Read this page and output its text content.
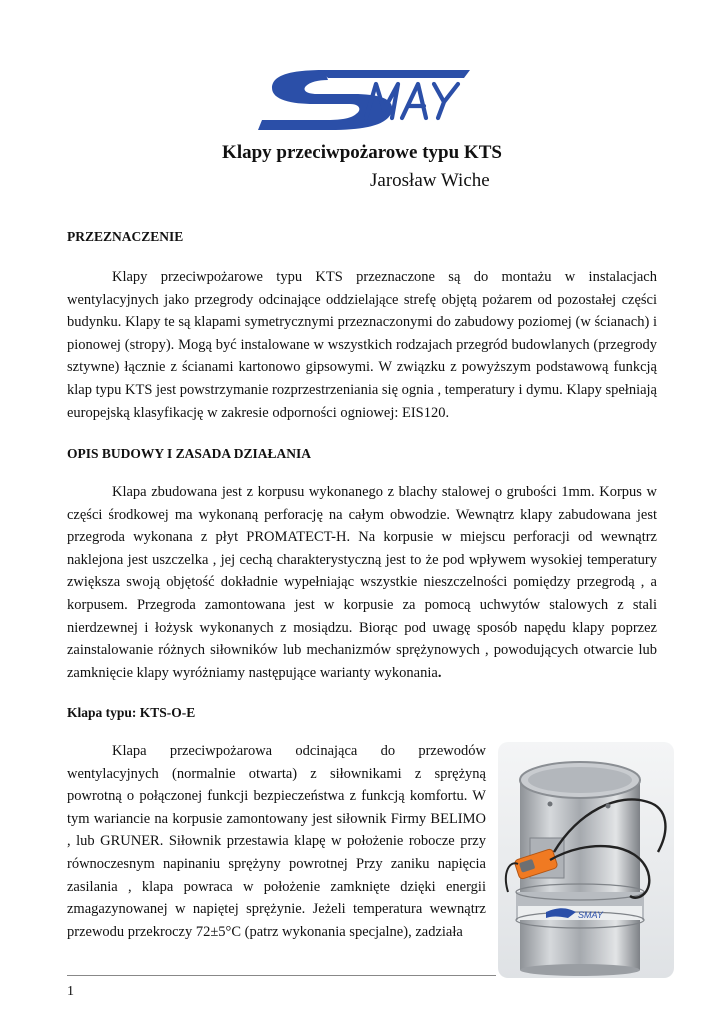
Klapy przeciwpożarowe typu KTS
Jarosław Wiche
PRZEZNACZENIE

Klapy przeciwpożarowe typu KTS przeznaczone są do montażu w instalacjach wentylacyjnych jako przegrody odcinające oddzielające strefę objętą pożarem od pozostałej części budynku. Klapy te są klapami symetrycznymi przeznaczonymi do zabudowy poziomej (w ścianach) i pionowej (stropy). Mogą być instalowane w wszystkich rodzajach przegród budowlanych (przegrody sztywne) łącznie z ścianami kartonowo gipsowymi. W związku z powyższym podstawową funkcją klap typu KTS jest powstrzymanie rozprzestrzeniania się ognia , temperatury i dymu. Klapy spełniają europejską klasyfikację w zakresie odporności ogniowej: EIS120.

OPIS BUDOWY I ZASADA DZIAŁANIA

Klapa zbudowana jest z korpusu wykonanego z blachy stalowej o grubości 1mm. Korpus w części środkowej ma wykonaną perforację na całym obwodzie. Wewnątrz klapy zabudowana jest przegroda wykonana z płyt PROMATECT-H. Na korpusie w miejscu perforacji od wewnątrz naklejona jest uszczelka , jej cechą charakterystyczną jest to że pod wpływem wysokiej temperatury zwiększa swoją objętość dokładnie wypełniając wszystkie nieszczelności pomiędzy przegrodą , a korpusem. Przegroda zamontowana jest w korpusie za pomocą uchwytów stalowych z stali nierdzewnej i łożysk wykonanych z mosiądzu. Biorąc pod uwagę sposób napędu klapy poprzez zainstalowanie różnych siłowników lub mechanizmów sprężynowych , powodujących otwarcie lub zamknięcie klapy wyróżniamy następujące warianty wykonania.

Klapa typu: KTS-O-E

Klapa przeciwpożarowa odcinająca do przewodów wentylacyjnych (normalnie otwarta) z siłownikami z sprężyną powrotną o połączonej funkcji bezpieczeństwa z funkcją komfortu. W tym wariancie na korpusie zamontowany jest siłownik Firmy BELIMO , lub GRUNER. Siłownik przestawia klapę w położenie robocze przy równoczesnym napinaniu sprężyny powrotnej Przy zaniku napięcia zasilania , klapa powraca w położenie zamknięte dzięki energii zmagazynowanej w napiętej sprężynie. Jeżeli temperatura wewnątrz przewodu przekroczy 72±5°C (patrz wykonania specjalne), zadziała

SMAY
1
